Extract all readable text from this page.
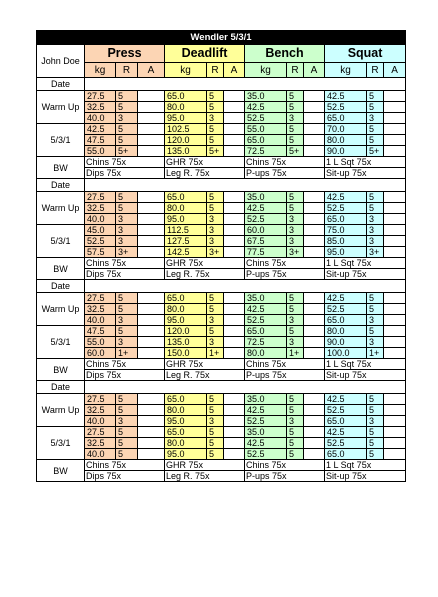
Wendler 5/3/1												
John Doe	Press			Deadlift			Bench			Squat		
	kg	R	A	kg	R	A	kg	R	A	kg	R	A
Date												
Warm Up	27.5	5		65.0	5		35.0	5		42.5	5	
	32.5	5		80.0	5		42.5	5		52.5	5	
	40.0	3		95.0	3		52.5	3		65.0	3	
5/3/1	42.5	5		102.5	5		55.0	5		70.0	5	
	47.5	5		120.0	5		65.0	5		80.0	5	
	55.0	5+		135.0	5+		72.5	5+		90.0	5+	
BW	Chins 75x			GHR 75x			Chins 75x			1 L Sqt 75x		
	Dips 75x			Leg R. 75x			P-ups 75x			Sit-up 75x		
Date												
Warm Up	27.5	5		65.0	5		35.0	5		42.5	5	
	32.5	5		80.0	5		42.5	5		52.5	5	
	40.0	3		95.0	3		52.5	3		65.0	3	
5/3/1	45.0	3		112.5	3		60.0	3		75.0	3	
	52.5	3		127.5	3		67.5	3		85.0	3	
	57.5	3+		142.5	3+		77.5	3+		95.0	3+	
BW	Chins 75x			GHR 75x			Chins 75x			1 L Sqt 75x		
	Dips 75x			Leg R. 75x			P-ups 75x			Sit-up 75x		
Date												
Warm Up	27.5	5		65.0	5		35.0	5		42.5	5	
	32.5	5		80.0	5		42.5	5		52.5	5	
	40.0	3		95.0	3		52.5	3		65.0	3	
5/3/1	47.5	5		120.0	5		65.0	5		80.0	5	
	55.0	3		135.0	3		72.5	3		90.0	3	
	60.0	1+		150.0	1+		80.0	1+		100.0	1+	
BW	Chins 75x			GHR 75x			Chins 75x			1 L Sqt 75x		
	Dips 75x			Leg R. 75x			P-ups 75x			Sit-up 75x		
Date												
Warm Up	27.5	5		65.0	5		35.0	5		42.5	5	
	32.5	5		80.0	5		42.5	5		52.5	5	
	40.0	3		95.0	3		52.5	3		65.0	3	
5/3/1	27.5	5		65.0	5		35.0	5		42.5	5	
	32.5	5		80.0	5		42.5	5		52.5	5	
	40.0	5		95.0	5		52.5	5		65.0	5	
BW	Chins 75x			GHR 75x			Chins 75x			1 L Sqt 75x		
	Dips 75x			Leg R. 75x			P-ups 75x			Sit-up 75x		
